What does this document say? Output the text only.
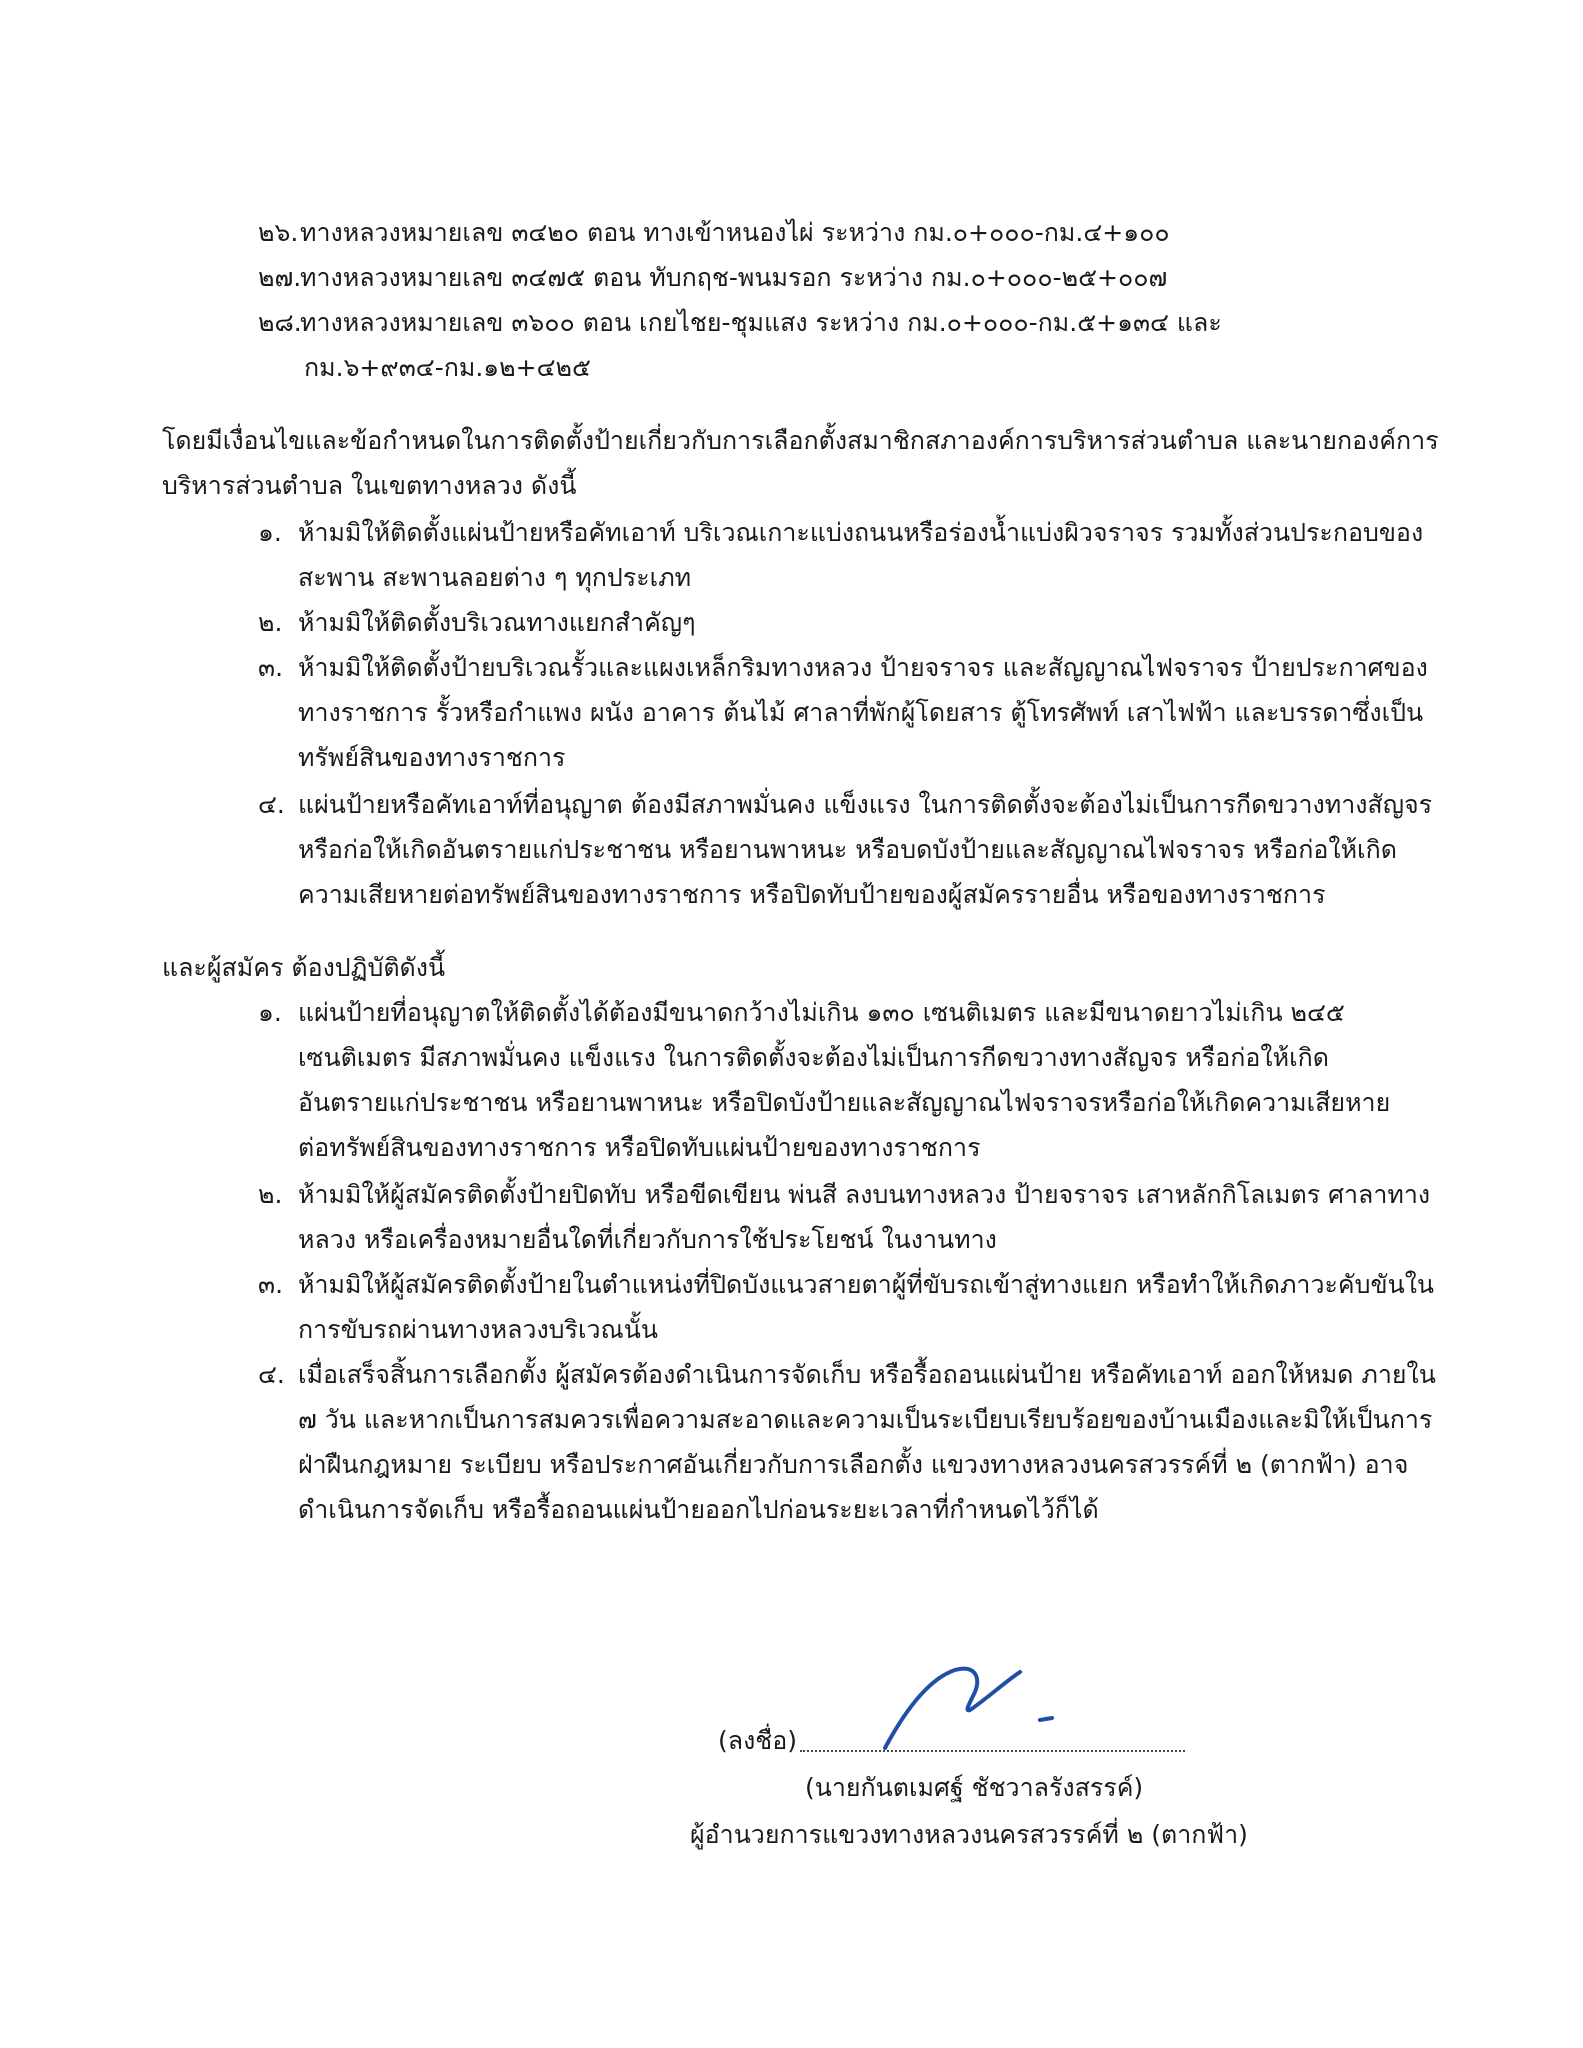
๒๖.ทางหลวงหมายเลข ๓๔๒๐ ตอน ทางเข้าหนองไผ่ ระหว่าง กม.๐+๐๐๐-กม.๔+๑๐๐
๒๗.ทางหลวงหมายเลข ๓๔๗๕ ตอน ทับกฤช-พนมรอก ระหว่าง กม.๐+๐๐๐-๒๕+๐๐๗
๒๘.ทางหลวงหมายเลข ๓๖๐๐ ตอน เกยไชย-ชุมแสง ระหว่าง กม.๐+๐๐๐-กม.๕+๑๓๔ และ
กม.๖+๙๓๔-กม.๑๒+๔๒๕
โดยมีเงื่อนไขและข้อกำหนดในการติดตั้งป้ายเกี่ยวกับการเลือกตั้งสมาชิกสภาองค์การบริหารส่วนตำบล และนายกองค์การ
บริหารส่วนตำบล ในเขตทางหลวง ดังนี้
๑. ห้ามมิให้ติดตั้งแผ่นป้ายหรือคัทเอาท์ บริเวณเกาะแบ่งถนนหรือร่องน้ำแบ่งผิวจราจร รวมทั้งส่วนประกอบของ
สะพาน สะพานลอยต่าง ๆ ทุกประเภท
๒. ห้ามมิให้ติดตั้งบริเวณทางแยกสำคัญๆ
๓. ห้ามมิให้ติดตั้งป้ายบริเวณรั้วและแผงเหล็กริมทางหลวง ป้ายจราจร และสัญญาณไฟจราจร ป้ายประกาศของ
ทางราชการ รั้วหรือกำแพง ผนัง อาคาร ต้นไม้ ศาลาที่พักผู้โดยสาร ตู้โทรศัพท์ เสาไฟฟ้า และบรรดาซึ่งเป็น
ทรัพย์สินของทางราชการ
๔. แผ่นป้ายหรือคัทเอาท์ที่อนุญาต ต้องมีสภาพมั่นคง แข็งแรง ในการติดตั้งจะต้องไม่เป็นการกีดขวางทางสัญจร
หรือก่อให้เกิดอันตรายแก่ประชาชน หรือยานพาหนะ หรือบดบังป้ายและสัญญาณไฟจราจร หรือก่อให้เกิด
ความเสียหายต่อทรัพย์สินของทางราชการ หรือปิดทับป้ายของผู้สมัครรายอื่น หรือของทางราชการ
และผู้สมัคร ต้องปฏิบัติดังนี้
๑. แผ่นป้ายที่อนุญาตให้ติดตั้งได้ต้องมีขนาดกว้างไม่เกิน ๑๓๐ เซนติเมตร และมีขนาดยาวไม่เกิน ๒๔๕
เซนติเมตร มีสภาพมั่นคง แข็งแรง ในการติดตั้งจะต้องไม่เป็นการกีดขวางทางสัญจร หรือก่อให้เกิด
อันตรายแก่ประชาชน หรือยานพาหนะ หรือปิดบังป้ายและสัญญาณไฟจราจรหรือก่อให้เกิดความเสียหาย
ต่อทรัพย์สินของทางราชการ หรือปิดทับแผ่นป้ายของทางราชการ
๒. ห้ามมิให้ผู้สมัครติดตั้งป้ายปิดทับ หรือขีดเขียน พ่นสี ลงบนทางหลวง ป้ายจราจร เสาหลักกิโลเมตร ศาลาทาง
หลวง หรือเครื่องหมายอื่นใดที่เกี่ยวกับการใช้ประโยชน์ ในงานทาง
๓. ห้ามมิให้ผู้สมัครติดตั้งป้ายในตำแหน่งที่ปิดบังแนวสายตาผู้ที่ขับรถเข้าสู่ทางแยก หรือทำให้เกิดภาวะคับขันใน
การขับรถผ่านทางหลวงบริเวณนั้น
๔. เมื่อเสร็จสิ้นการเลือกตั้ง ผู้สมัครต้องดำเนินการจัดเก็บ หรือรื้อถอนแผ่นป้าย หรือคัทเอาท์ ออกให้หมด ภายใน
๗ วัน และหากเป็นการสมควรเพื่อความสะอาดและความเป็นระเบียบเรียบร้อยของบ้านเมืองและมิให้เป็นการ
ฝ่าฝืนกฎหมาย ระเบียบ หรือประกาศอันเกี่ยวกับการเลือกตั้ง แขวงทางหลวงนครสวรรค์ที่ ๒ (ตากฟ้า) อาจ
ดำเนินการจัดเก็บ หรือรื้อถอนแผ่นป้ายออกไปก่อนระยะเวลาที่กำหนดไว้ก็ได้
(ลงชื่อ)
(นายกันตเมศฐ์ ชัชวาลรังสรรค์)
ผู้อำนวยการแขวงทางหลวงนครสวรรค์ที่ ๒ (ตากฟ้า)
